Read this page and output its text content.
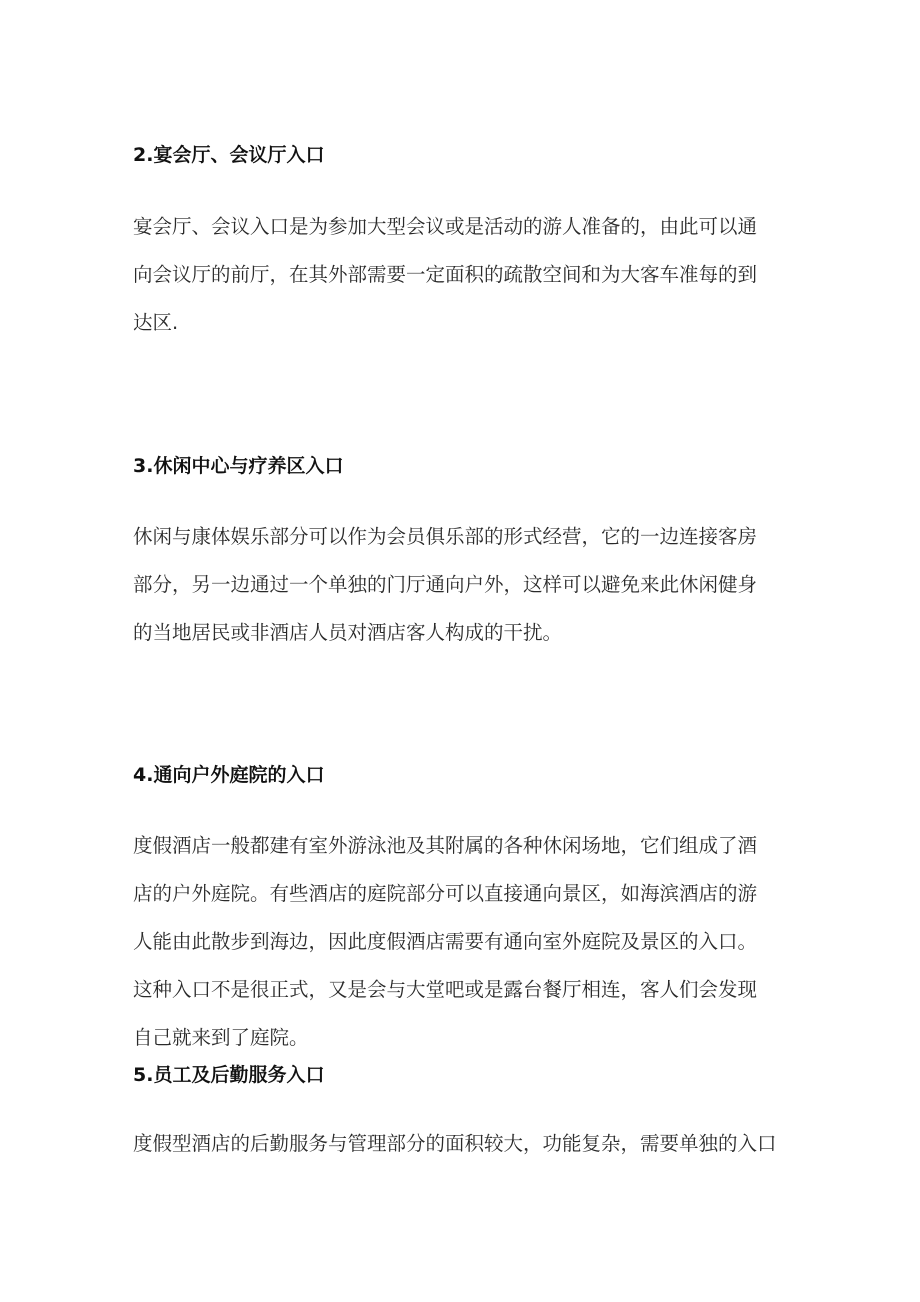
2.宴会厅、会议厅入口
宴会厅、会议入口是为参加大型会议或是活动的游人准备的，由此可以通
向会议厅的前厅，在其外部需要一定面积的疏散空间和为大客车准每的到
达区.
3.休闲中心与疗养区入口
休闲与康体娱乐部分可以作为会员俱乐部的形式经营，它的一边连接客房
部分，另一边通过一个单独的门厅通向户外，这样可以避免来此休闲健身
的当地居民或非酒店人员对酒店客人构成的干扰。
4.通向户外庭院的入口
度假酒店一般都建有室外游泳池及其附属的各种休闲场地，它们组成了酒
店的户外庭院。有些酒店的庭院部分可以直接通向景区，如海滨酒店的游
人能由此散步到海边，因此度假酒店需要有通向室外庭院及景区的入口。
这种入口不是很正式，又是会与大堂吧或是露台餐厅相连，客人们会发现
自己就来到了庭院。
5.员工及后勤服务入口
度假型酒店的后勤服务与管理部分的面积较大，功能复杂，需要单独的入口
